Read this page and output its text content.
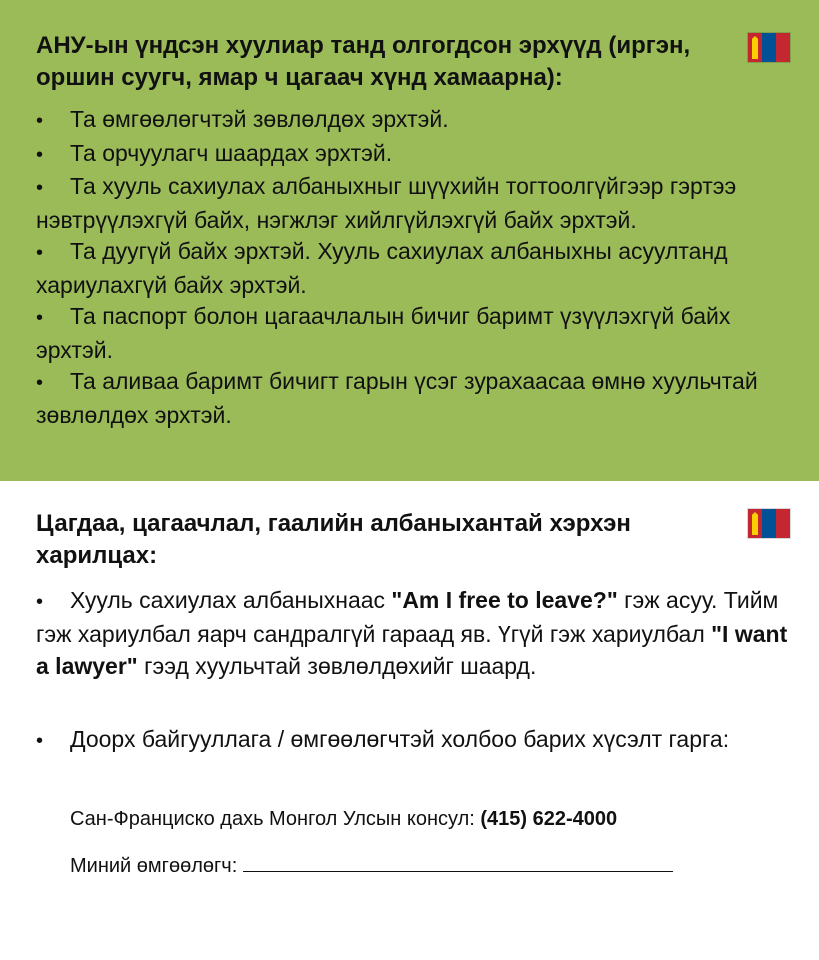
АНУ-ын үндсэн хуулиар танд олгогдсон эрхүүд (иргэн, оршин суугч, ямар ч цагаач хүнд хамаарна):
• Та өмгөөлөгчтэй зөвлөлдөх эрхтэй.
• Та орчуулагч шаардах эрхтэй.
• Та хууль сахиулах албаныхныг шүүхийн тогтоолгүйгээр гэртээ нэвтрүүлэхгүй байх, нэгжлэг хийлгүйлэхгүй байх эрхтэй.
• Та дуугүй байх эрхтэй. Хууль сахиулах албаныхны асуултанд хариулахгүй байх эрхтэй.
• Та паспорт болон цагаачлалын бичиг баримт үзүүлэхгүй байх эрхтэй.
• Та аливаа баримт бичигт гарын үсэг зурахаасаа өмнө хуульчтай зөвлөлдөх эрхтэй.
Цагдаа, цагаачлал, гаалийн албаныхантай хэрхэн харилцах:
• Хууль сахиулах албаныхнаас "Am I free to leave?" гэж асуу. Тийм гэж хариулбал яарч сандралгүй гараад яв. Үгүй гэж хариулбал "I want a lawyer" гээд хуульчтай зөвлөлдөхийг шаард.
• Доорх байгууллага / өмгөөлөгчтэй холбоо барих хүсэлт гарга:
Сан-Франциско дахь Монгол Улсын консул: (415) 622-4000
Миний өмгөөлөгч:
